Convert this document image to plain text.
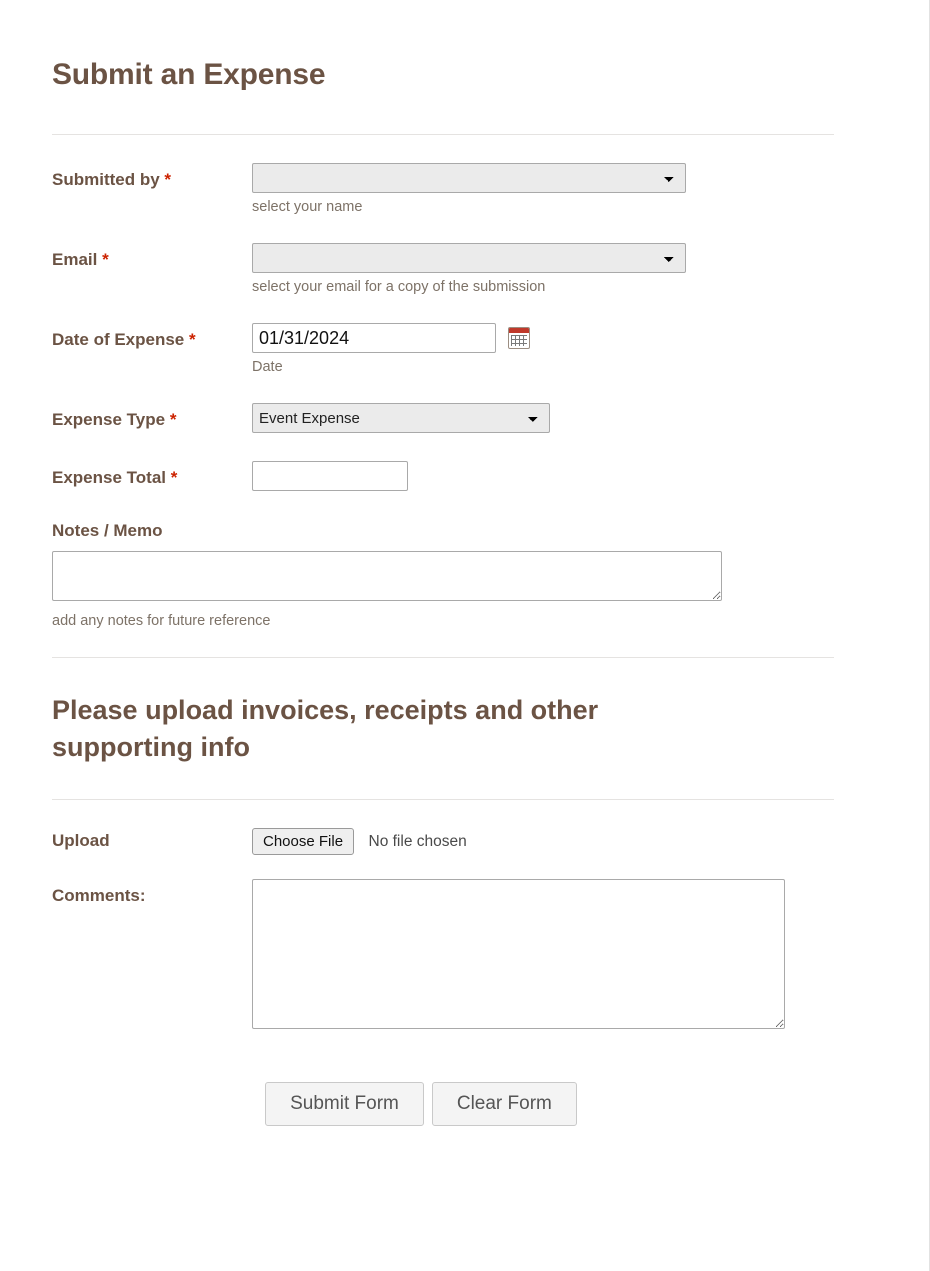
Submit an Expense
Submitted by *
select your name
Email *
select your email for a copy of the submission
Date of Expense *
01/31/2024
Date
Expense Type *
Event Expense
Expense Total *
Notes / Memo
add any notes for future reference
Please upload invoices, receipts and other supporting info
Upload	Choose File No file chosen
Comments:
Submit Form	Clear Form
